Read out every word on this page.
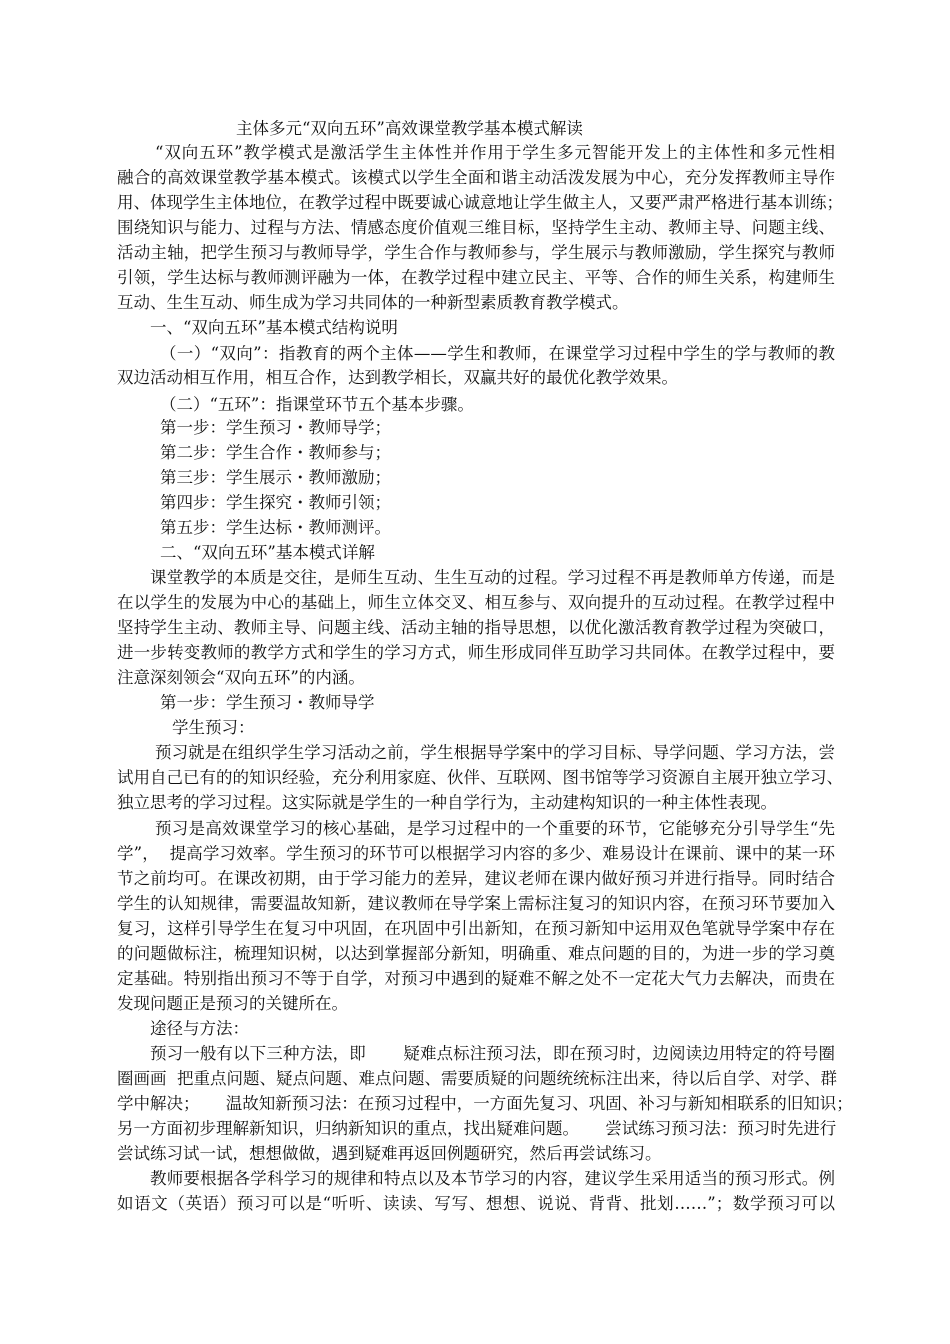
主体多元“双向五环”高效课堂教学基本模式解读
“双向五环”教学模式是激活学生主体性并作用于学生多元智能开发上的主体性和多元性相
融合的高效课堂教学基本模式。该模式以学生全面和谐主动活泼发展为中心，充分发挥教师主导作
用、体现学生主体地位，在教学过程中既要诚心诚意地让学生做主人，又要严肃严格进行基本训练；
围绕知识与能力、过程与方法、情感态度价值观三维目标，坚持学生主动、教师主导、问题主线、
活动主轴，把学生预习与教师导学，学生合作与教师参与，学生展示与教师激励，学生探究与教师
引领，学生达标与教师测评融为一体，在教学过程中建立民主、平等、合作的师生关系，构建师生
互动、生生互动、师生成为学习共同体的一种新型素质教育教学模式。
一、“双向五环”基本模式结构说明
（一）“双向”：指教育的两个主体——学生和教师，在课堂学习过程中学生的学与教师的教
双边活动相互作用，相互合作，达到教学相长，双赢共好的最优化教学效果。
（二）“五环”：指课堂环节五个基本步骤。
第一步：学生预习・教师导学；
第二步：学生合作・教师参与；
第三步：学生展示・教师激励；
第四步：学生探究・教师引领；
第五步：学生达标・教师测评。
二、“双向五环”基本模式详解
课堂教学的本质是交往，是师生互动、生生互动的过程。学习过程不再是教师单方传递，而是
在以学生的发展为中心的基础上，师生立体交叉、相互参与、双向提升的互动过程。在教学过程中
坚持学生主动、教师主导、问题主线、活动主轴的指导思想，以优化激活教育教学过程为突破口，
进一步转变教师的教学方式和学生的学习方式，师生形成同伴互助学习共同体。在教学过程中，要
注意深刻领会“双向五环”的内涵。
第一步：学生预习・教师导学
学生预习：
预习就是在组织学生学习活动之前，学生根据导学案中的学习目标、导学问题、学习方法，尝
试用自己已有的的知识经验，充分利用家庭、伙伴、互联网、图书馆等学习资源自主展开独立学习、
独立思考的学习过程。这实际就是学生的一种自学行为，主动建构知识的一种主体性表现。
预习是高效课堂学习的核心基础，是学习过程中的一个重要的环节，它能够充分引导学生“先
学”，  提高学习效率。学生预习的环节可以根据学习内容的多少、难易设计在课前、课中的某一环
节之前均可。在课改初期，由于学习能力的差异，建议老师在课内做好预习并进行指导。同时结合
学生的认知规律，需要温故知新，建议教师在导学案上需标注复习的知识内容，在预习环节要加入
复习，这样引导学生在复习中巩固，在巩固中引出新知，在预习新知中运用双色笔就导学案中存在
的问题做标注，梳理知识树，以达到掌握部分新知，明确重、难点问题的目的，为进一步的学习奠
定基础。特别指出预习不等于自学，对预习中遇到的疑难不解之处不一定花大气力去解决，而贵在
发现问题正是预习的关键所在。
途径与方法：
预习一般有以下三种方法，即       疑难点标注预习法，即在预习时，边阅读边用特定的符号圈
圈画画  把重点问题、疑点问题、难点问题、需要质疑的问题统统标注出来，待以后自学、对学、群
学中解决；     温故知新预习法：在预习过程中，一方面先复习、巩固、补习与新知相联系的旧知识；
另一方面初步理解新知识，归纳新知识的重点，找出疑难问题。     尝试练习预习法：预习时先进行
尝试练习试一试，想想做做，遇到疑难再返回例题研究，然后再尝试练习。
教师要根据各学科学习的规律和特点以及本节学习的内容，建议学生采用适当的预习形式。例
如语文（英语）预习可以是“听听、读读、写写、想想、说说、背背、批划……”；数学预习可以
